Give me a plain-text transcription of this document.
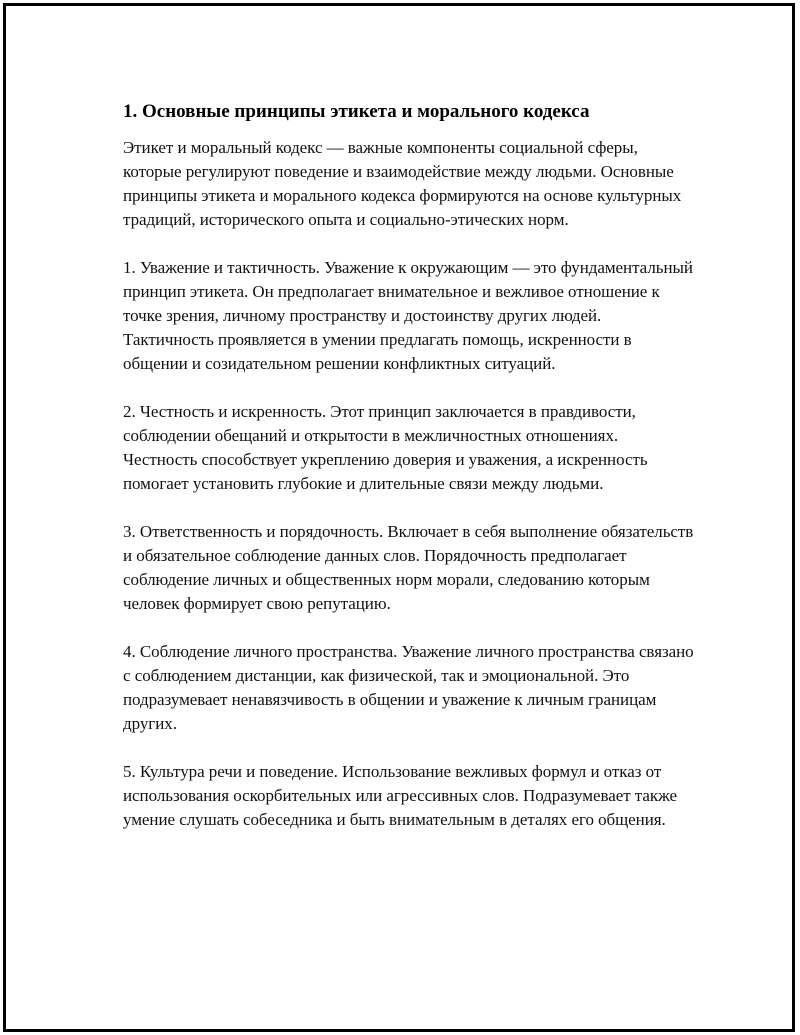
1. Основные принципы этикета и морального кодекса

Этикет и моральный кодекс — важные компоненты социальной сферы, которые регулируют поведение и взаимодействие между людьми. Основные принципы этикета и морального кодекса формируются на основе культурных традиций, исторического опыта и социально-этических норм.

1. Уважение и тактичность. Уважение к окружающим — это фундаментальный принцип этикета. Он предполагает внимательное и вежливое отношение к точке зрения, личному пространству и достоинству других людей. Тактичность проявляется в умении предлагать помощь, искренности в общении и созидательном решении конфликтных ситуаций.

2. Честность и искренность. Этот принцип заключается в правдивости, соблюдении обещаний и открытости в межличностных отношениях. Честность способствует укреплению доверия и уважения, а искренность помогает установить глубокие и длительные связи между людьми.

3. Ответственность и порядочность. Включает в себя выполнение обязательств и обязательное соблюдение данных слов. Порядочность предполагает соблюдение личных и общественных норм морали, следованию которым человек формирует свою репутацию.

4. Соблюдение личного пространства. Уважение личного пространства связано с соблюдением дистанции, как физической, так и эмоциональной. Это подразумевает ненавязчивость в общении и уважение к личным границам других.

5. Культура речи и поведение. Использование вежливых формул и отказ от использования оскорбительных или агрессивных слов. Подразумевает также умение слушать собеседника и быть внимательным в деталях его общения.
